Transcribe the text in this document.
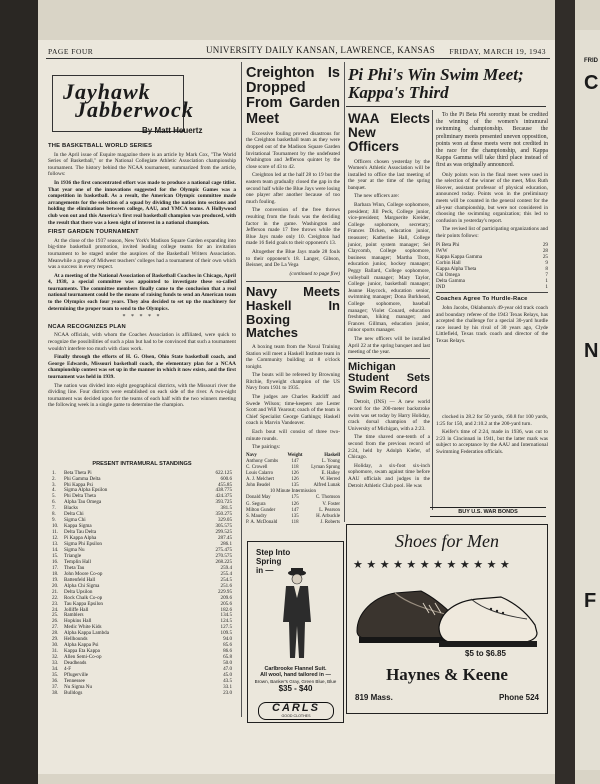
FRID
C
N
F
PAGE FOUR	UNIVERSITY DAILY KANSAN, LAWRENCE, KANSAS FRIDAY, MARCH 19, 1943
Jayhawk
Jabberwock
By Matt Heuertz
THE BASKETBALL WORLD SERIES

In the April issue of Esquire magazine there is an article by Mark Cox, "The World Series of Basketball," or the National Collegiate Athletic Association championship tournament. The history behind the NCAA tournament, summarized from the article, follows:

In 1936 the first concentrated effort was made to produce a national cage titlist. That year one of the innovations suggested for the Olympic Games was a competition in basketball. As a result, the American Olympic committee made arrangements for the selection of a squad by dividing the nation into sections and holding the eliminations between college, AAU, and YMCA teams. A Hollywood club won out and this America's first real basketball champion was produced, with the result that there was a keen sight of interest in a national champion.

FIRST GARDEN TOURNAMENT

At the close of the 1937 season, New York's Madison Square Garden expanding into big-time basketball promotion, invited leading college teams for an invitation tournament to be staged under the auspices of the Basketball Writers Association. Meanwhile a group of Midwest teachers' colleges had a tournament of their own which was a success in every respect.

At a meeting of the National Association of Basketball Coaches in Chicago, April 4, 1938, a special committee was appointed to investigate these so-called tournaments. The committee members finally came to the conclusion that a real national tournament could be the means of raising funds to send an American team to the Olympics each four years. They also decided to set up the machinery for determining the proper team to send to the Olympics.

* * * * *
NCAA RECOGNIZES PLAN

NCAA officials, with whom the Coaches Association is affiliated, were quick to recognize the possibilities of such a plan but had to be convinced that such a tournament wouldn't interfere too much with class work.

Finally through the efforts of H. G. Olsen, Ohio State basketball coach, and George Edwards, Missouri basketball coach, the elementary plan for a NCAA championship contest was set up in the manner in which it now exists, and the first tournament was held in 1939.

The nation was divided into eight geographical districts, with the Missouri river the dividing line. Four districts were established on each side of the river. A two-night tournament was decided upon for the teams of each half with the two winners meeting the following week in a single game to determine the champion.

PRESENT INTRAMURAL STANDINGS
1.	Beta Theta Pi	622.125
2.	Phi Gamma Delta	600.6
3.	Phi Kappa Psi	455.85
4.	Sigma Alpha Epsilon	438.775
5.	Phi Delta Theta	424.375
6.	Alpha Tau Omega	393.725
7.	Blacks	381.5
8.	Delta Chi	350.275
9.	Sigma Chi	329.05
10.	Kappa Sigma	305.575
11.	Delta Tau Delta	299.525
12.	Pi Kappa Alpha	287.45
13.	Sigma Phi Epsilon	286.1
14.	Sigma Nu	275.475
15.	Triangle	270.575
16.	Templin Hall	268.225
17.	Theta Tau	259.4
18.	John Moore Co-op	255.4
19.	Battenfeld Hall	254.5
20.	Alpha Chi Sigma	251.6
21.	Delta Upsilon	229.95
22.	Rock Chalk Co-op	209.6
23.	Tau Kappa Epsilon	205.6
24.	Jolliffe Hall	182.6
25.	Ramblers	134.5
26.	Hopkins Hall	124.5
27.	Medic White Kids	127.5
28.	Alpha Kappa Lambda	109.5
29.	Hellhounds	94.0
30.	Alpha Kappa Psi	85.6
31.	Kappa Eta Kappa	86.6
32.	Allen Semi-Co-op	65.8
33.	Deadheads	50.0
34.	4-F	47.0
35.	Pflugerville	45.0
36.	Tennessee	43.5
37.	Nu Sigma Nu	33.1
38.	Bulldogs	23.0
Creighton Is Dropped From Garden Meet

Excessive fouling proved disastrous for the Creighton basketball team as they were dropped out of the Madison Square Garden Invitational Tournament by the undefeated Washington and Jefferson quintet by the close score of 43 to 42.

Creighton led at the half 28 to 19 but the eastern team gradually closed the gap in the second half while the Blue Jays were losing one player after another because of too much fouling.

The conversion of the free throws resulting from the fouls was the deciding factor in the game. Washington and Jefferson made 17 free throws while the Blue Jays made only 10. Creighton had made 16 field goals to their opponent's 13.

Altogether the Blue Jays made 28 fouls to their opponent's 18. Langer, Gibson, Beisner, and De La Vega

(continued to page five)
Navy Meets Haskell In Boxing Matches

A boxing team from the Naval Training Station will meet a Haskell Institute team in the Community building at 8 o'clock tonight.

The bouts will be refereed by Browning Ritchie, flyweight champion of the US Navy from 1931 to 1935.

The judges are Charles Radcliff and Swede Wilson; time-keepers are Lester Scott and Will Yearout; coach of the team is Chief Specialist George Gathings; Haskell coach is Marvin Vandeaver.

Each bout will consist of three two-minute rounds.

The pairings:

Navy	Weight	Haskell
Anthony Combs	147	L. Young
C. Crowell	118	Lyman Sprung
Louis Calarro	126	E. Halley
A. J. Melchert	126	W. Herred
John Beadel	135	Alfred Lunak
10 Minute Intermission		
Donald May	175	C. Thomson
G. Segura	126	V. Foster
Milton Gunder	147	L. Pearson
S. Maudry	135	H. Arbuckle
P. A. McDonald	118	J. Roberts
Step Into
Spring
in —
Carlbrooke Flannel Suit.
All wool, hand tailored in —
Brown, Banker's Gray, Green Blue, Blue
$35 - $40
CARLS
GOOD CLOTHES
Pi Phi's Win Swim Meet; Kappa's Third
WAA Elects New Officers

Officers chosen yesterday by the Women's Athletic Association will be installed to office the last meeting of the year at the time of the spring banquet.

The new officers are:

Barbara Winn, College sophomore, president; Jill Peck, College junior, vice-president; Marguerite Kreider, College sophomore, secretary; Frances Dicken, education junior, treasurer; Katherine Hall, College junior, point system manager; Sel Claycomb, College sophomore, business manager; Martha Trotz, education junior, hockey manager; Peggy Ballard, College sophomore, volleyball manager; Mary Taylor, College junior, basketball manager; Jeanne Haycock, education senior, swimming manager; Dona Burkhead, College sophomore, baseball manager; Violet Conard, education freshman, hiking manager; and Frances Gillman, education junior, minor sports manager.

The new officers will be installed April 22 at the spring banquet and last meeting of the year.

Michigan Student Sets Swim Record

Detroit, (INS) — A new world record for the 200-meter backstroke swim was set today by Harry Holiday, crack dorsal champion of the University of Michigan, with a 2:23.

The time shaved one-tenth of a second from the previous record of 2:24, held by Adolph Kiefer, of Chicago.

Holiday, a six-foot six-inch sophomore, swam against time before AAU officials and judges in the Detroit Athletic Club pool. He was

To the Pi Beta Phi sorority must be credited the winning of the women's intramural swimming championship. Because the preliminary meets presented uneven opposition, points won at these meets were not credited in the race for the championship, and Kappa Kappa Gamma will take third place instead of first as was originally announced.

Only points won in the final meet were used in the selection of the winner of the meet, Miss Ruth Hoover, assistant professor of physical education, announced today. Points won in the preliminary meets will be counted in the general contest for the all-year championship, but were not considered in choosing the swimming organization; this led to confusion in yesterday's report.

The revised list of participating organizations and their points follows:

Pi Beta Phi	29
IWW	28
Kappa Kappa Gamma	25
Corbin Hall	9
Kappa Alpha Theta	8
Chi Omega	7
Delta Gamma	1
IND	1
Coaches Agree To Hurdle-Race

John Jacobs, Oklahoma's 49-year old track coach and boundary referee of the 1943 Texas Relays, has accepted the challenge for a special 30-yard hurdle race issued by his rival of 30 years ago, Clyde Littlefield, Texas track coach and director of the Texas Relays.

clocked in 28.2 for 50 yards, :60.8 for 100 yards, 1:25 for 150, and 2:10.2 at the 200-yard turn.

Keifer's time of 2:24, made in 1936, was cut to 2:23 in Cincinnati in 1941, but the latter mark was subject to acceptance by the AAU and International Swimming Federation officials.

BUY U.S. WAR BONDS
Shoes for Men
★ ★ ★ ★ ★ ★ ★ ★ ★ ★ ★ ★
$5 to $6.85
Haynes & Keene
819 Mass.	Phone 524
